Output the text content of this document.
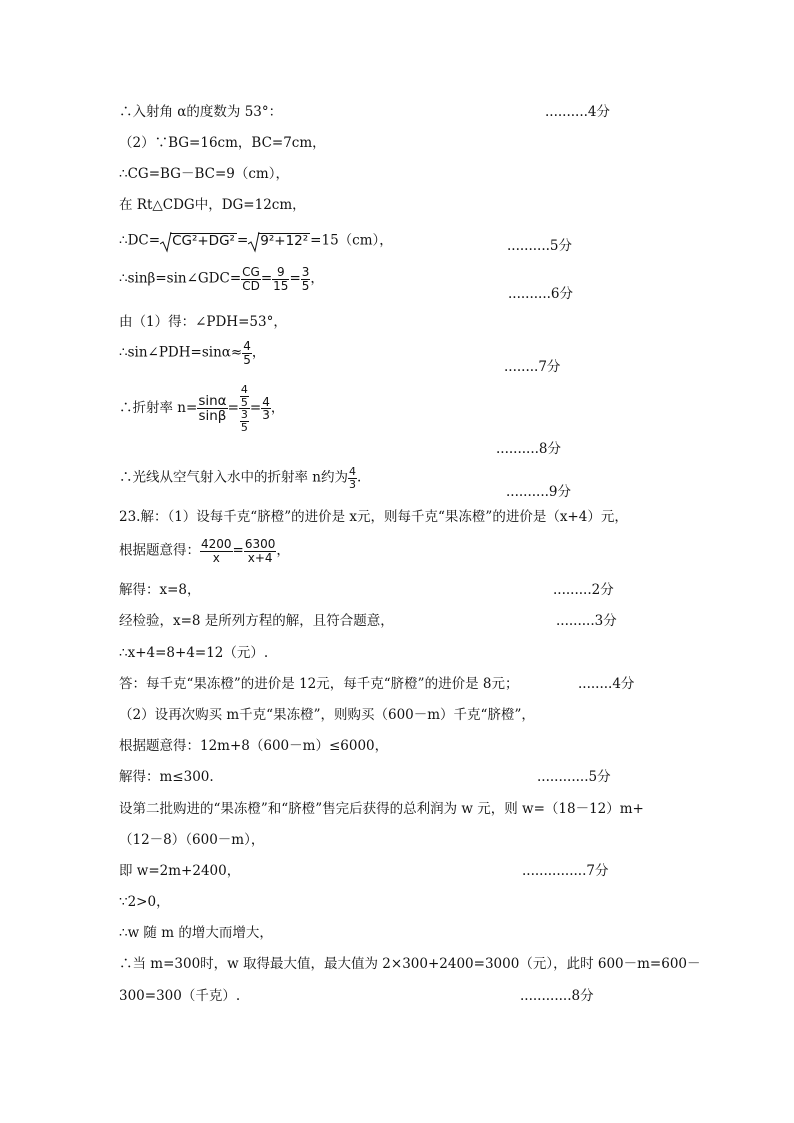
∴入射角 α的度数为 53°：	..........4分
（2）∵BG=16cm，BC=7cm，
∴CG=BG－BC=9（cm），
在 Rt△CDG中，DG=12cm，
∴DC= CG²+DG² = 9²+12² =15（cm），	..........5分
∴sinβ=sin∠GDC= $\frac{CG}{CD} = \frac{9}{15} = \frac{3}{5}$ ，
..........6分
由（1）得：∠PDH=53°，
∴sin∠PDH=sinα≈ $\frac{4}{5}$ ，
........7分
∴折射率 $n= \frac{\sin\alpha}{\sin\beta} = \frac{\frac{4}{5}}{\frac{3}{5}} = \frac{4}{3}$ ，
..........8分
∴光线从空气射入水中的折射率 n约为 $\frac{4}{3}$ .
..........9分
23.解：（1）设每千克“脐橙”的进价是 x元，则每千克“果冻橙”的进价是（x+4）元，
根据题意得： $\frac{4200}{x} = \frac{6300}{x+4}$ ，
解得：x=8，	.........2分
经检验，x=8 是所列方程的解，且符合题意，	.........3分
∴x+4=8+4=12（元）.
答：每千克“果冻橙”的进价是 12元，每千克“脐橙”的进价是 8元；	........4分
（2）设再次购买 m千克“果冻橙”，则购买（600－m）千克“脐橙”，
根据题意得：12m+8（600－m）≤6000，
解得：m≤300.	............5分
设第二批购进的“果冻橙”和“脐橙”售完后获得的总利润为 w 元，则 w=（18－12）m+
（12－8）（600－m），
即 w=2m+2400，	...............7分
∵2>0，
∴w 随 m 的增大而增大，
∴当 m=300时，w 取得最大值，最大值为 2×300+2400=3000（元），此时 600－m=600－
300=300（千克）.	............8分
